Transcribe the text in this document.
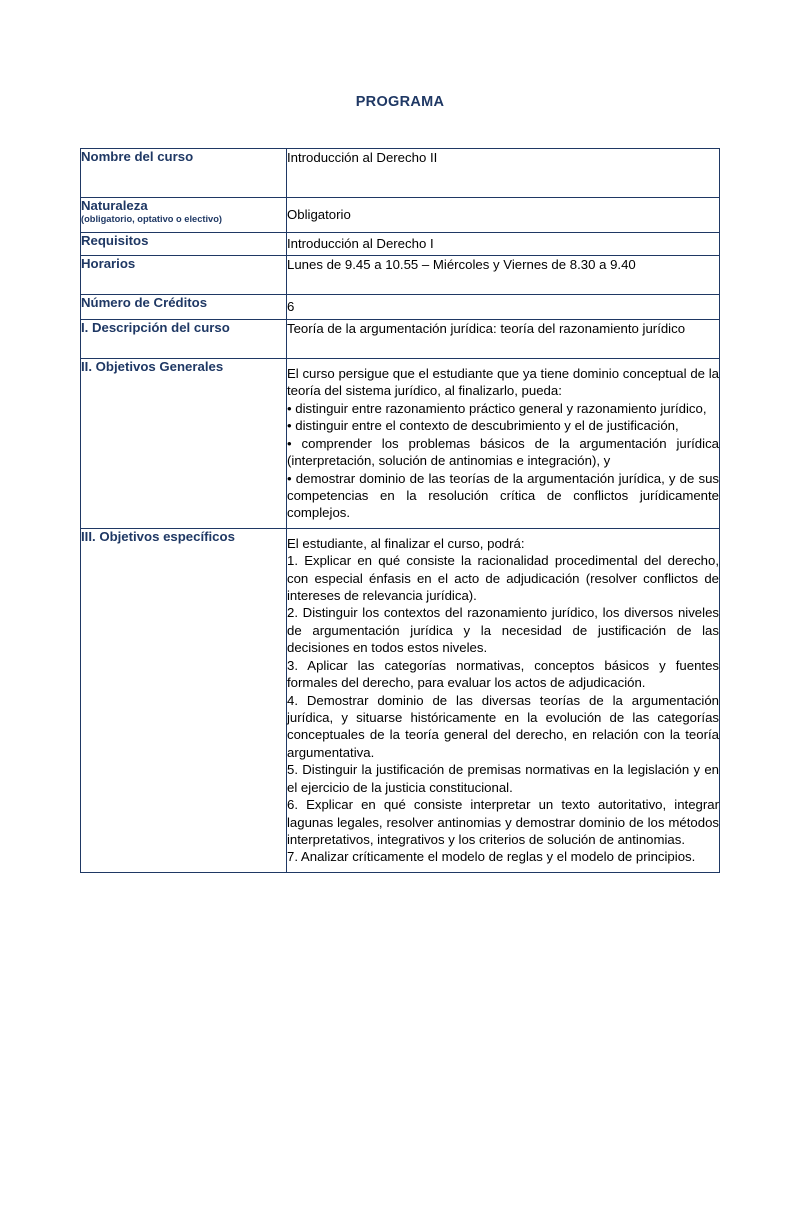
PROGRAMA
Nombre del curso	Introducción al Derecho II

Naturaleza
(obligatorio, optativo o electivo)	Obligatorio

Requisitos	Introducción al Derecho I

Horarios	Lunes de 9.45 a 10.55 – Miércoles y Viernes de 8.30 a 9.40

Número de Créditos	6

I. Descripción del curso	Teoría de la argumentación jurídica: teoría del razonamiento jurídico

II. Objetivos Generales	El curso persigue que el estudiante que ya tiene dominio conceptual de la teoría del sistema jurídico, al finalizarlo, pueda:

• distinguir entre razonamiento práctico general y razonamiento jurídico,

• distinguir entre el contexto de descubrimiento y el de justificación,

• comprender los problemas básicos de la argumentación jurídica (interpretación, solución de antinomias e integración), y

• demostrar dominio de las teorías de la argumentación jurídica, y de sus competencias en la resolución crítica de conflictos jurídicamente complejos.

III. Objetivos específicos	El estudiante, al finalizar el curso, podrá:

1. Explicar en qué consiste la racionalidad procedimental del derecho, con especial énfasis en el acto de adjudicación (resolver conflictos de intereses de relevancia jurídica).

2. Distinguir los contextos del razonamiento jurídico, los diversos niveles de argumentación jurídica y la necesidad de justificación de las decisiones en todos estos niveles.

3. Aplicar las categorías normativas, conceptos básicos y fuentes formales del derecho, para evaluar los actos de adjudicación.

4. Demostrar dominio de las diversas teorías de la argumentación jurídica, y situarse históricamente en la evolución de las categorías conceptuales de la teoría general del derecho, en relación con la teoría argumentativa.

5. Distinguir la justificación de premisas normativas en la legislación y en el ejercicio de la justicia constitucional.

6. Explicar en qué consiste interpretar un texto autoritativo, integrar lagunas legales, resolver antinomias y demostrar dominio de los métodos interpretativos, integrativos y los criterios de solución de antinomias.

7. Analizar críticamente el modelo de reglas y el modelo de principios.
